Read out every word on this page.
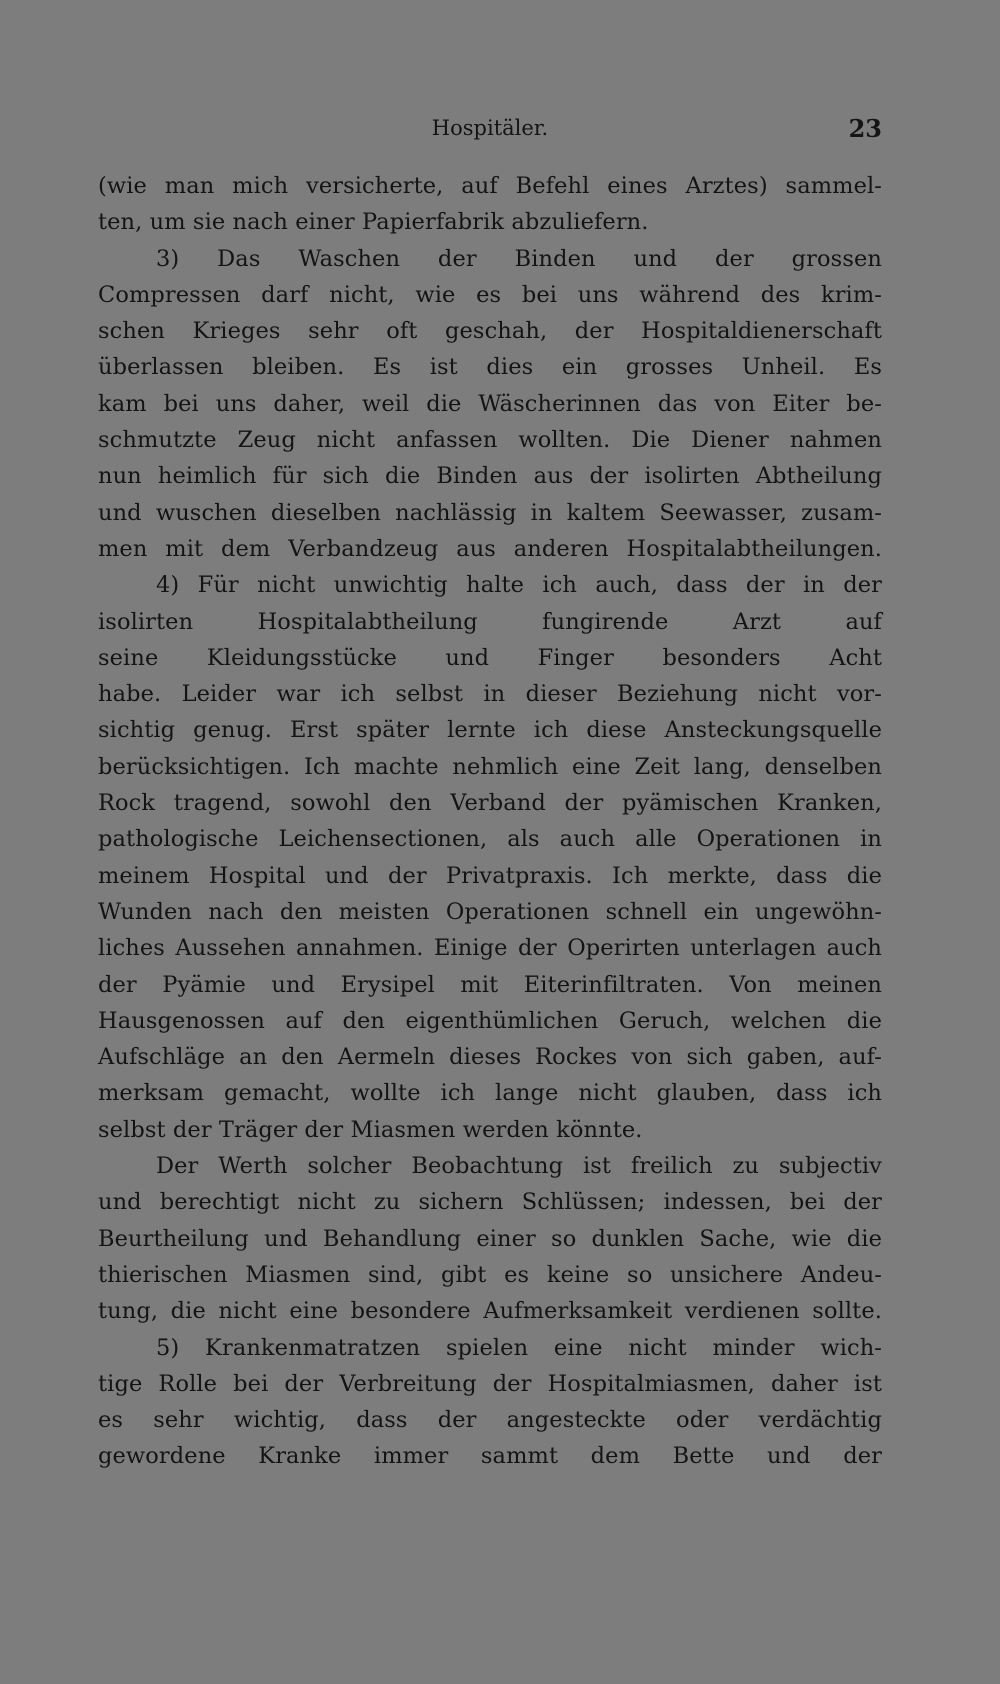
Hospitäler.	23
(wie man mich versicherte, auf Befehl eines Arztes) sammel-
ten, um sie nach einer Papierfabrik abzuliefern.
3) Das Waschen der Binden und der grossen
Compressen darf nicht, wie es bei uns während des krim-
schen Krieges sehr oft geschah, der Hospitaldienerschaft
überlassen bleiben. Es ist dies ein grosses Unheil. Es
kam bei uns daher, weil die Wäscherinnen das von Eiter be-
schmutzte Zeug nicht anfassen wollten. Die Diener nahmen
nun heimlich für sich die Binden aus der isolirten Abtheilung
und wuschen dieselben nachlässig in kaltem Seewasser, zusam-
men mit dem Verbandzeug aus anderen Hospitalabtheilungen.
4) Für nicht unwichtig halte ich auch, dass der in der
isolirten Hospitalabtheilung fungirende Arzt auf
seine Kleidungsstücke und Finger besonders Acht
habe. Leider war ich selbst in dieser Beziehung nicht vor-
sichtig genug. Erst später lernte ich diese Ansteckungsquelle
berücksichtigen. Ich machte nehmlich eine Zeit lang, denselben
Rock tragend, sowohl den Verband der pyämischen Kranken,
pathologische Leichensectionen, als auch alle Operationen in
meinem Hospital und der Privatpraxis. Ich merkte, dass die
Wunden nach den meisten Operationen schnell ein ungewöhn-
liches Aussehen annahmen. Einige der Operirten unterlagen auch
der Pyämie und Erysipel mit Eiterinfiltraten. Von meinen
Hausgenossen auf den eigenthümlichen Geruch, welchen die
Aufschläge an den Aermeln dieses Rockes von sich gaben, auf-
merksam gemacht, wollte ich lange nicht glauben, dass ich
selbst der Träger der Miasmen werden könnte.
Der Werth solcher Beobachtung ist freilich zu subjectiv
und berechtigt nicht zu sichern Schlüssen; indessen, bei der
Beurtheilung und Behandlung einer so dunklen Sache, wie die
thierischen Miasmen sind, gibt es keine so unsichere Andeu-
tung, die nicht eine besondere Aufmerksamkeit verdienen sollte.
5) Krankenmatratzen spielen eine nicht minder wich-
tige Rolle bei der Verbreitung der Hospitalmiasmen, daher ist
es sehr wichtig, dass der angesteckte oder verdächtig
gewordene Kranke immer sammt dem Bette und der
